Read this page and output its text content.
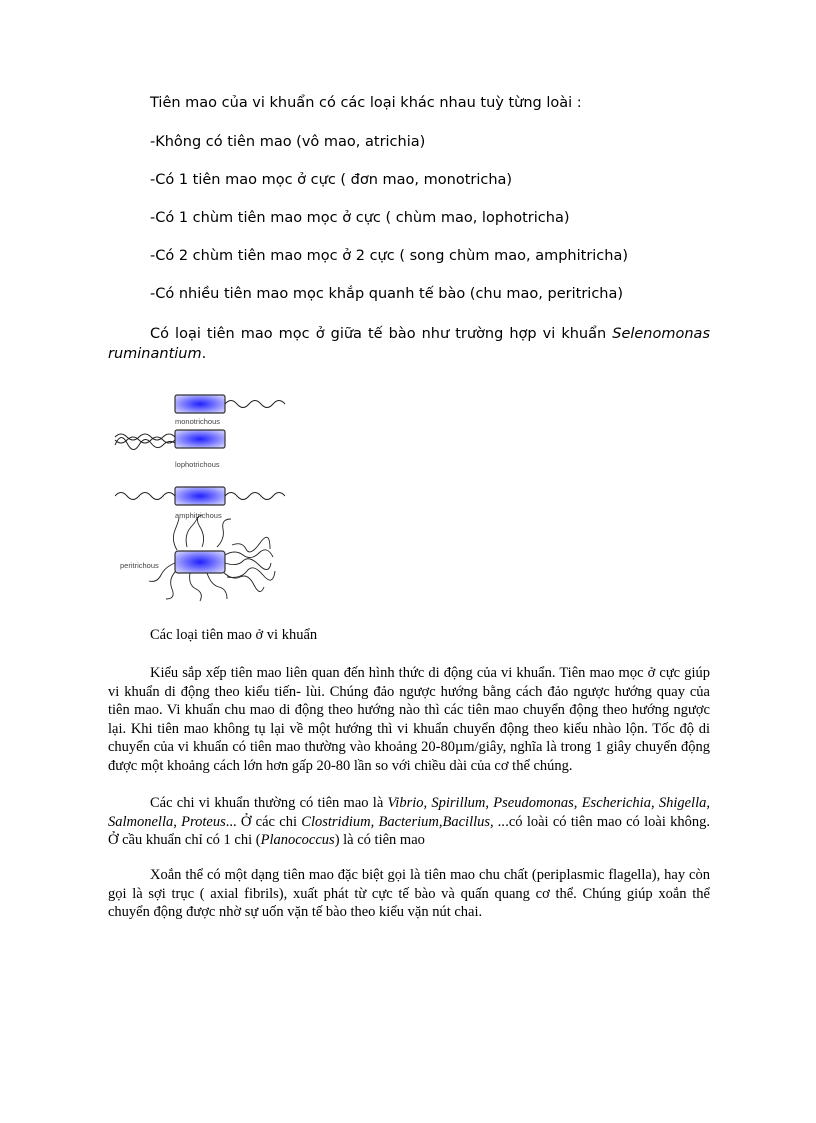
Tiên mao của vi khuẩn có các loại khác nhau tuỳ từng loài :
-Không có tiên mao (vô mao, atrichia)
-Có 1 tiên mao mọc ở cực ( đơn mao, monotricha)
-Có 1 chùm tiên mao mọc ở cực ( chùm mao, lophotricha)
-Có 2 chùm tiên mao mọc ở 2 cực ( song chùm mao, amphitricha)
-Có nhiều tiên mao mọc khắp quanh tế bào (chu mao, peritricha)
Có loại tiên mao mọc ở giữa tế bào như trường hợp vi khuẩn Selenomonas ruminantium.
monotrichous
lophotrichous
amphitrichous
peritrichous
Các loại tiên mao ở vi khuẩn
Kiểu sắp xếp tiên mao liên quan đến hình thức di động của vi khuẩn. Tiên mao mọc ở cực giúp vi khuẩn di động theo kiểu tiến- lùi. Chúng đảo ngược hướng bằng cách đảo ngược hướng quay của tiên mao. Vi khuẩn chu mao di động theo hướng nào thì các tiên mao chuyển động theo hướng ngược lại. Khi tiên mao không tụ lại về một hướng thì vi khuẩn chuyển động theo kiểu nhào lộn. Tốc độ di chuyển của vi khuẩn có tiên mao thường vào khoảng 20-80µm/giây, nghĩa là trong 1 giây chuyển động được một khoảng cách lớn hơn gấp 20-80 lần so với chiều dài của cơ thể chúng.
Các chi vi khuẩn thường có tiên mao là Vibrio, Spirillum, Pseudomonas, Escherichia, Shigella, Salmonella, Proteus... Ở các chi Clostridium, Bacterium,Bacillus, ...có loài có tiên mao có loài không. Ở cầu khuẩn chỉ có 1 chi (Planococcus) là có tiên mao
Xoắn thể có một dạng tiên mao đặc biệt gọi là tiên mao chu chất (periplasmic flagella), hay còn gọi là sợi trục ( axial fibrils), xuất phát từ cực tế bào và quấn quang cơ thể. Chúng giúp xoắn thể chuyển động được nhờ sự uốn vặn tế bào theo kiểu vặn nút chai.
